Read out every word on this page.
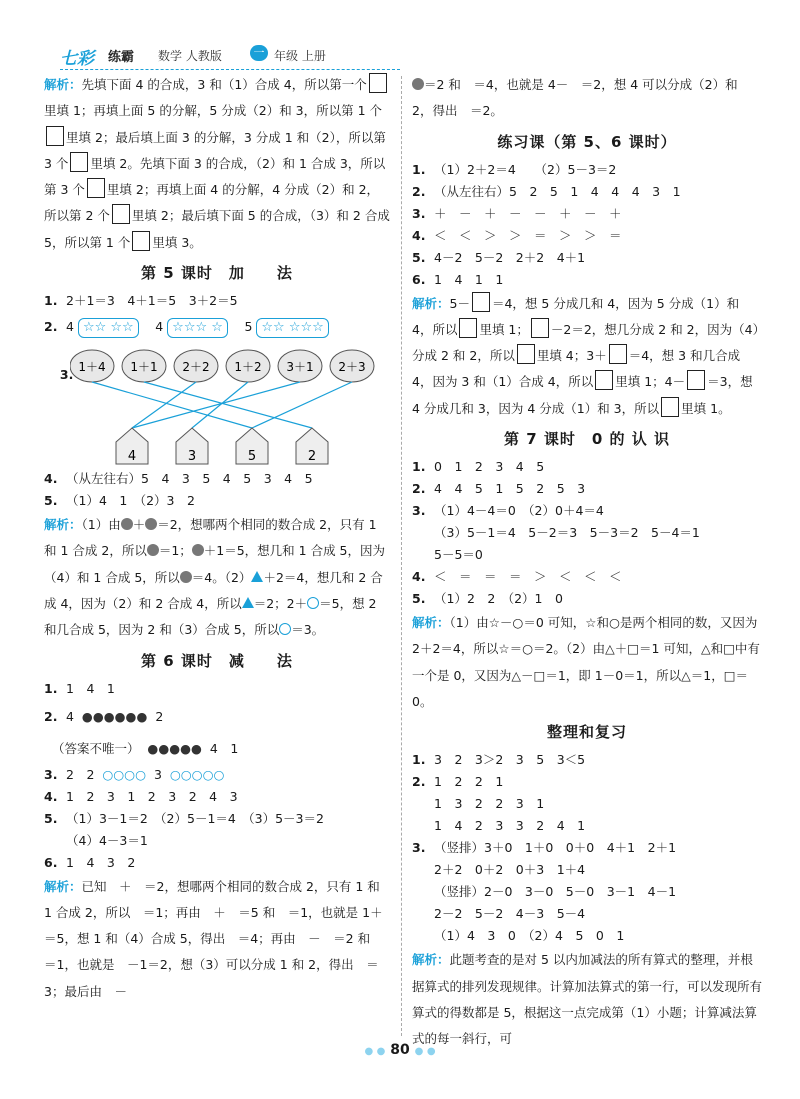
七彩 练霸 数学 人教版	一 年级 上册

解析：先填下面 4 的合成，3 和（1）合成 4，所以第一个里填 1；再填上面 5 的分解，5 分成（2）和 3，所以第 1 个里填 2；最后填上面 3 的分解，3 分成 1 和（2），所以第 3 个 里填 2。先填下面 3 的合成，（2）和 1 合成 3，所以第 3 个 里填 2；再填上面 4 的分解，4 分成（2）和 2，所以第 2 个 里填 2；最后填下面 5 的合成，（3）和 2 合成 5，所以第 1 个 里填 3。

第 5 课时　加　　法
1. 2＋1＝3　4＋1＝5　3＋2＝5
2. 4 ☆☆ ☆☆　 4 ☆☆☆ ☆　 5 ☆☆ ☆☆☆

3.
1＋4 1＋1 2＋2 1＋2 3＋1 2＋3
4	3	5	2

4. （从左往右）5　4　3　5　4　5　3　4　5
5. （1）4　1　（2）3　2

解析：（1）由 ＋ ＝2，想哪两个相同的数合成 2，只有 1 和 1 合成 2，所以 ＝1； ＋1＝5，想几和 1 合成 5，因为（4）和 1 合成 5，所以 ＝4。（2） ＋2＝4，想几和 2 合成 4，因为（2）和 2 合成 4，所以 ＝2；2＋ ＝5，想 2 和几合成 5，因为 2 和（3）合成 5，所以 ＝3。

第 6 课时　减　　法
1. 1　4　1
2. 4 ●●●●●● 2
（答案不唯一） ●●●●● 4　1
3. 2　2 ○○○○ 3 ○○○○○
4. 1　2　3　1　2　3　2　4　3
5. （1）3－1＝2　（2）5－1＝4　（3）5－3＝2
（4）4－3＝1
6. 1　4　3　2

解析：已知　＋　＝2，想哪两个相同的数合成 2，只有 1 和 1 合成 2，所以　＝1；再由　＋　＝5 和　＝1，也就是 1＋　＝5，想 1 和（4）合成 5，得出　＝4；再由　－　＝2 和　＝1，也就是　－1＝2，想（3）可以分成 1 和 2，得出　＝3；最后由　－

＝2 和　＝4，也就是 4－　＝2，想 4 可以分成（2）和 2，得出　＝2。

练习课（第 5、6 课时）
1. （1）2＋2＝4　　（2）5－3＝2
2. （从左往右）5　2　5　1　4　4　4　3　1
3. ＋　－　＋　－　－　＋　－　＋
4. ＜　＜　＞　＞　＝　＞　＞　＝
5. 4－2　5－2　2＋2　4＋1
6. 1　4　1　1

解析：5－ ＝4，想 5 分成几和 4，因为 5 分成（1）和 4，所以 里填 1； －2＝2，想几分成 2 和 2，因为（4）分成 2 和 2，所以 里填 4；3＋ ＝4，想 3 和几合成 4，因为 3 和（1）合成 4，所以 里填 1；4－ ＝3，想 4 分成几和 3，因为 4 分成（1）和 3，所以 里填 1。

第 7 课时　0 的 认 识
1. 0　1　2　3　4　5
2. 4　4　5　1　5　2　5　3
3. （1）4－4＝0　（2）0＋4＝4
（3）5－1＝4　5－2＝3　5－3＝2　5－4＝1
5－5＝0
4. ＜　＝　＝　＝　＞　＜　＜　＜
5. （1）2　2　（2）1　0

解析：（1）由☆－○＝0 可知，☆和○是两个相同的数，又因为 2＋2＝4，所以☆＝○＝2。（2）由△＋□＝1 可知，△和□中有一个是 0，又因为△－□＝1，即 1－0＝1，所以△＝1，□＝0。

整理和复习
1. 3　2　3＞2　3　5　3＜5
2. 1　2　2　1
1　3　2　2　3　1
1　4　2　3　3　2　4　1
3. （竖排）3＋0　1＋0　0＋0　4＋1　2＋1
2＋2　0＋2　0＋3　1＋4
（竖排）2－0　3－0　5－0　3－1　4－1
2－2　5－2　4－3　5－4
（1）4　3　0　（2）4　5　0　1

解析：此题考查的是对 5 以内加减法的所有算式的整理，并根据算式的排列发现规律。计算加法算式的第一行，可以发现所有算式的得数都是 5，根据这一点完成第（1）小题；计算减法算式的每一斜行，可

● ● 80 ● ●
